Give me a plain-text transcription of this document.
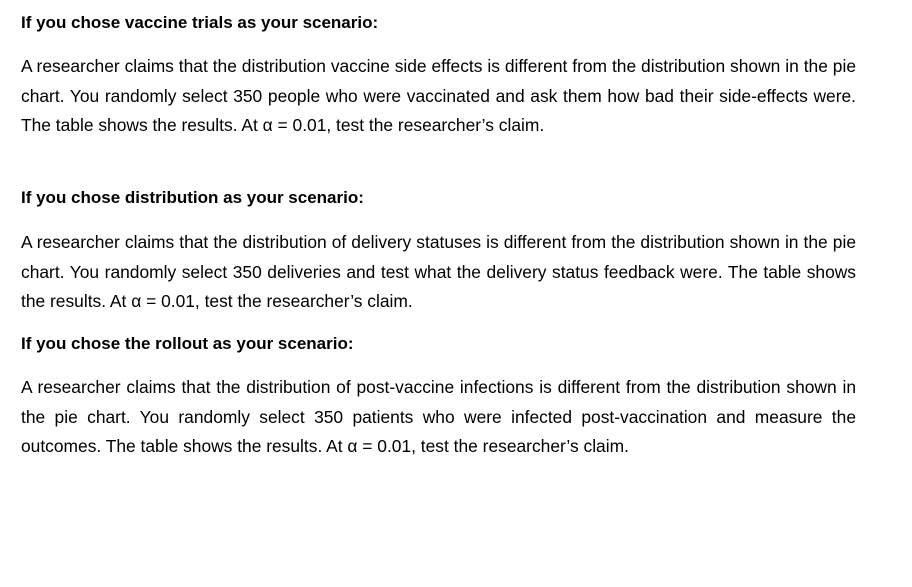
If you chose vaccine trials as your scenario:

A researcher claims that the distribution vaccine side effects is different from the distribution shown in the pie chart. You randomly select 350 people who were vaccinated and ask them how bad their side-effects were. The table shows the results. At α = 0.01, test the researcher’s claim.

If you chose distribution as your scenario:

A researcher claims that the distribution of delivery statuses is different from the distribution shown in the pie chart. You randomly select 350 deliveries and test what the delivery status feedback were. The table shows the results. At α = 0.01, test the researcher’s claim.

If you chose the rollout as your scenario:

A researcher claims that the distribution of post-vaccine infections is different from the distribution shown in the pie chart. You randomly select 350 patients who were infected post-vaccination and measure the outcomes. The table shows the results. At α = 0.01, test the researcher’s claim.
